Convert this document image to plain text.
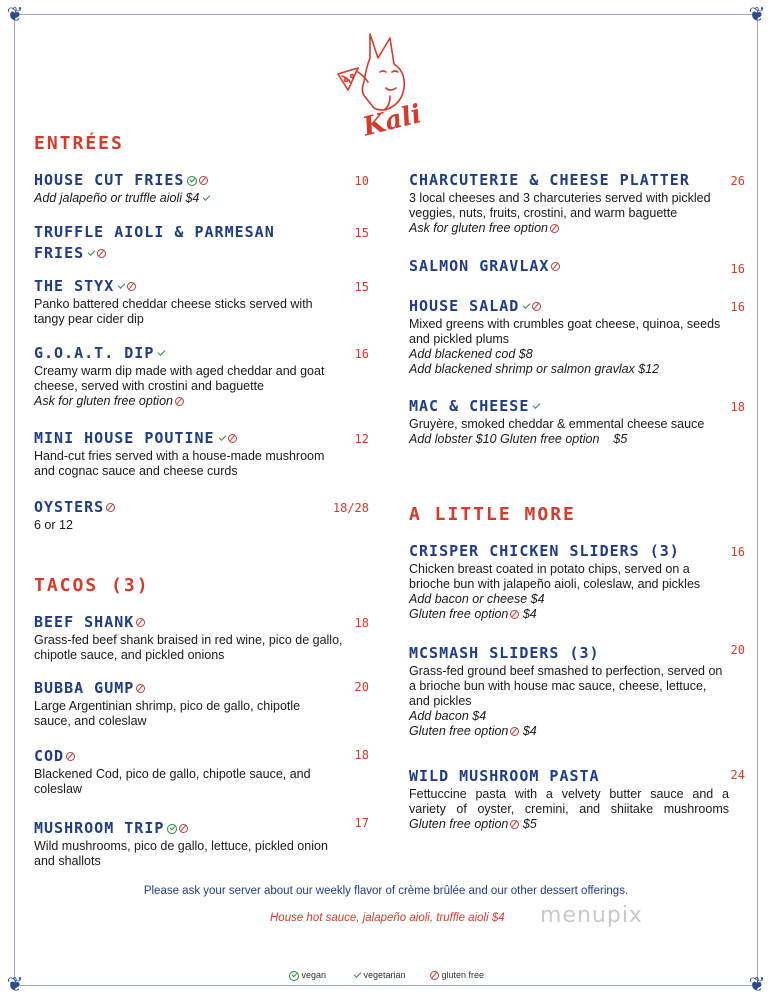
❦	❦
❦	❦
Kali
ENTRÉES
HOUSE CUT FRIES
Add jalapeño or truffle aioli $4
10
TRUFFLE AIOLI & PARMESAN
FRIES
15
THE STYX
Panko battered cheddar cheese sticks served with
tangy pear cider dip
15
G.O.A.T. DIP
Creamy warm dip made with aged cheddar and goat
cheese, served with crostini and baguette
Ask for gluten free option
16
MINI HOUSE POUTINE
Hand-cut fries served with a house-made mushroom
and cognac sauce and cheese curds
12
OYSTERS
6 or 12
18/28
TACOS (3)
BEEF SHANK
Grass-fed beef shank braised in red wine, pico de gallo,
chipotle sauce, and pickled onions
18
BUBBA GUMP
Large Argentinian shrimp, pico de gallo, chipotle
sauce, and coleslaw
20
COD
Blackened Cod, pico de gallo, chipotle sauce, and
coleslaw
18
MUSHROOM TRIP
Wild mushrooms, pico de gallo, lettuce, pickled onion
and shallots
17
CHARCUTERIE & CHEESE PLATTER
3 local cheeses and 3 charcuteries served with pickled
veggies, nuts, fruits, crostini, and warm baguette
Ask for gluten free option
26
SALMON GRAVLAX	16
HOUSE SALAD
Mixed greens with crumbles goat cheese, quinoa, seeds
and pickled plums
Add blackened cod $8
Add blackened shrimp or salmon gravlax $12
16
MAC & CHEESE
Gruyère, smoked cheddar & emmental cheese sauce
Add lobster $10 Gluten free option $5
18
A LITTLE MORE
CRISPER CHICKEN SLIDERS (3)
Chicken breast coated in potato chips, served on a
brioche bun with jalapeño aioli, coleslaw, and pickles
Add bacon or cheese $4
Gluten free option $4
16
MCSMASH SLIDERS (3)
Grass-fed ground beef smashed to perfection, served on
a brioche bun with house mac sauce, cheese, lettuce,
and pickles
Add bacon $4
Gluten free option $4
20
WILD MUSHROOM PASTA
Fettuccine pasta with a velvety butter sauce and a
variety of oyster, cremini, and shiitake mushrooms
Gluten free option $5
24
Please ask your server about our weekly flavor of crème brûlée and our other dessert offerings.
House hot sauce, jalapeño aioli, truffle aioli $4 menupix
vegan	vegetarian	gluten free
